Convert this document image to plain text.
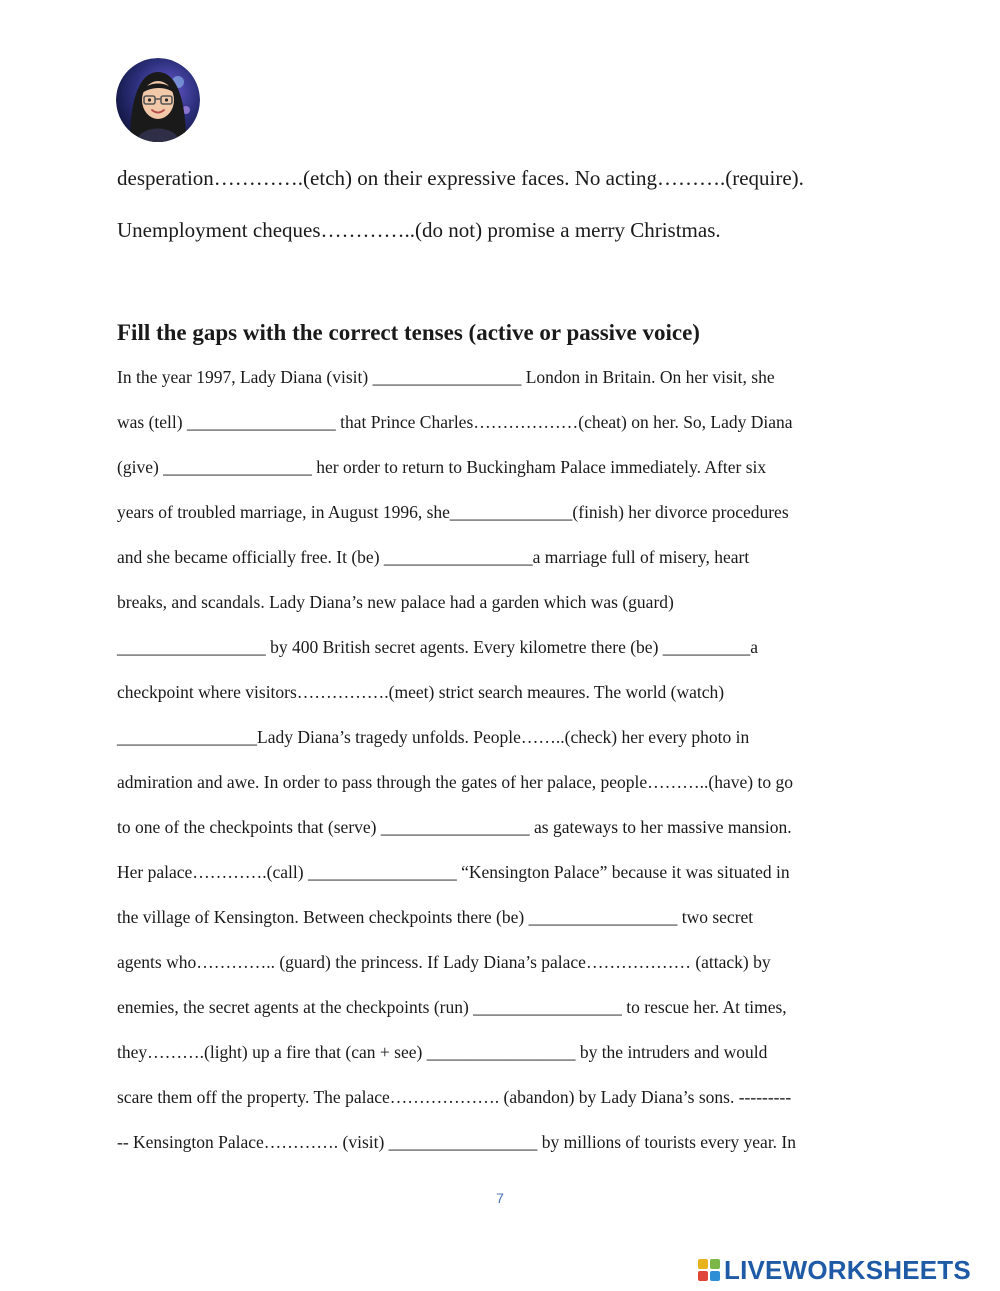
desperation………….(etch) on their expressive faces. No acting……….(require).

Unemployment cheques…………..(do not) promise a merry Christmas.

Fill the gaps with the correct tenses (active or passive voice)

In the year 1997, Lady Diana (visit) _________________ London in Britain. On her visit, she

was (tell) _________________ that Prince Charles………………(cheat) on her. So, Lady Diana

(give) _________________ her order to return to Buckingham Palace immediately. After six

years of troubled marriage, in August 1996, she______________(finish) her divorce procedures

and she became officially free. It (be) _________________a marriage full of misery, heart

breaks, and scandals. Lady Diana’s new palace had a garden which was (guard)

_________________ by 400 British secret agents. Every kilometre there (be) __________a

checkpoint where visitors…………….(meet) strict search meaures. The world (watch)

________________Lady Diana’s tragedy unfolds. People……..(check) her every photo in

admiration and awe. In order to pass through the gates of her palace, people………..(have) to go

to one of the checkpoints that (serve) _________________ as gateways to her massive mansion.

Her palace………….(call) _________________ “Kensington Palace” because it was situated in

the village of Kensington. Between checkpoints there (be) _________________ two secret

agents who………….. (guard) the princess. If Lady Diana’s palace……………… (attack) by

enemies, the secret agents at the checkpoints (run) _________________ to rescue her. At times,

they……….(light) up a fire that (can + see) _________________ by the intruders and would

scare them off the property. The palace………………. (abandon) by Lady Diana’s sons. ---------

-- Kensington Palace…………. (visit) _________________ by millions of tourists every year. In

7
LIVEWORKSHEETS
